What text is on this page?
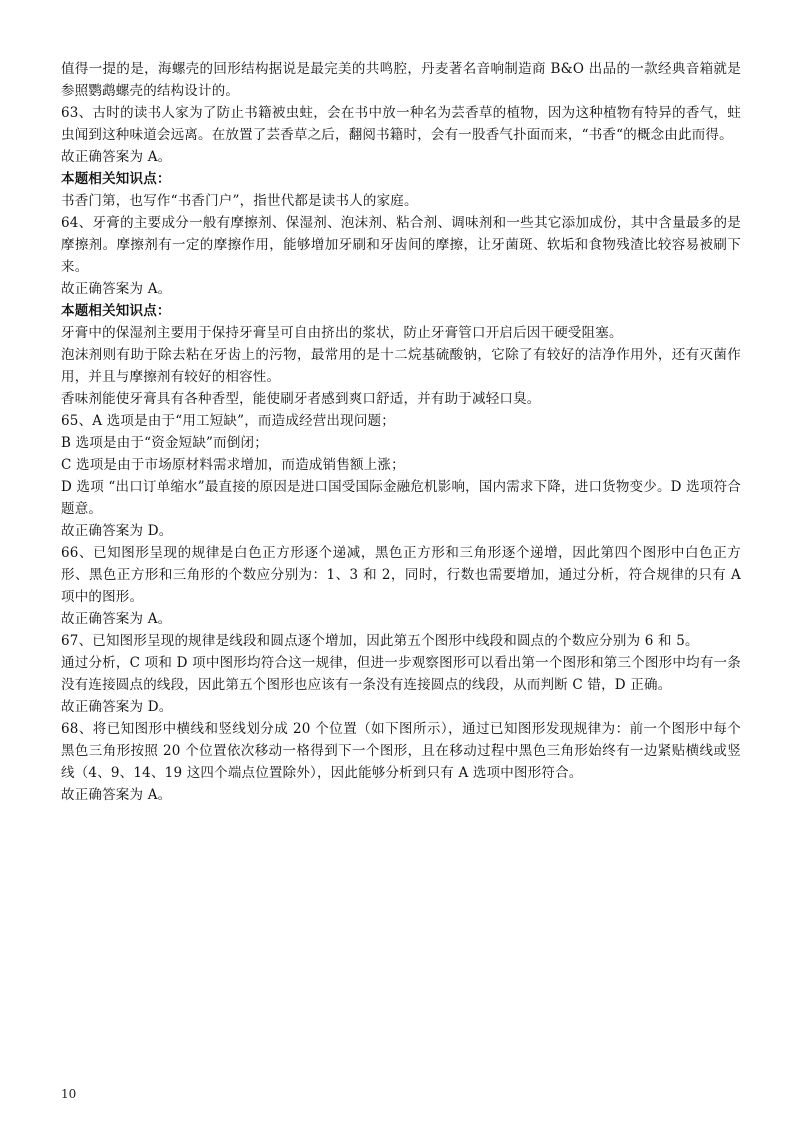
值得一提的是，海螺壳的回形结构据说是最完美的共鸣腔，丹麦著名音响制造商 B&O 出品的一款经典音箱就是参照鹦鹉螺壳的结构设计的。

63、古时的读书人家为了防止书籍被虫蛀，会在书中放一种名为芸香草的植物，因为这种植物有特异的香气，蛀虫闻到这种味道会远离。在放置了芸香草之后，翻阅书籍时，会有一股香气扑面而来，“书香“的概念由此而得。

故正确答案为 A。

本题相关知识点：

书香门第，也写作“书香门户”，指世代都是读书人的家庭。

64、牙膏的主要成分一般有摩擦剂、保湿剂、泡沫剂、粘合剂、调味剂和一些其它添加成份，其中含量最多的是摩擦剂。摩擦剂有一定的摩擦作用，能够增加牙刷和牙齿间的摩擦，让牙菌斑、软垢和食物残渣比较容易被刷下来。

故正确答案为 A。

本题相关知识点：

牙膏中的保湿剂主要用于保持牙膏呈可自由挤出的浆状，防止牙膏管口开启后因干硬受阻塞。

泡沫剂则有助于除去粘在牙齿上的污物，最常用的是十二烷基硫酸钠，它除了有较好的洁净作用外，还有灭菌作用，并且与摩擦剂有较好的相容性。

香味剂能使牙膏具有各种香型，能使刷牙者感到爽口舒适，并有助于减轻口臭。

65、A 选项是由于“用工短缺”，而造成经营出现问题；

B 选项是由于“资金短缺”而倒闭；

C 选项是由于市场原材料需求增加，而造成销售额上涨；

D 选项 “出口订单缩水”最直接的原因是进口国受国际金融危机影响，国内需求下降，进口货物变少。D 选项符合题意。

故正确答案为 D。

66、已知图形呈现的规律是白色正方形逐个递减，黑色正方形和三角形逐个递增，因此第四个图形中白色正方形、黑色正方形和三角形的个数应分别为：1、3 和 2，同时，行数也需要增加，通过分析，符合规律的只有 A 项中的图形。

故正确答案为 A。

67、已知图形呈现的规律是线段和圆点逐个增加，因此第五个图形中线段和圆点的个数应分别为 6 和 5。

通过分析，C 项和 D 项中图形均符合这一规律，但进一步观察图形可以看出第一个图形和第三个图形中均有一条没有连接圆点的线段，因此第五个图形也应该有一条没有连接圆点的线段，从而判断 C 错，D 正确。

故正确答案为 D。

68、将已知图形中横线和竖线划分成 20 个位置（如下图所示），通过已知图形发现规律为：前一个图形中每个黑色三角形按照 20 个位置依次移动一格得到下一个图形，且在移动过程中黑色三角形始终有一边紧贴横线或竖线（4、9、14、19 这四个端点位置除外），因此能够分析到只有 A 选项中图形符合。

故正确答案为 A。

10
